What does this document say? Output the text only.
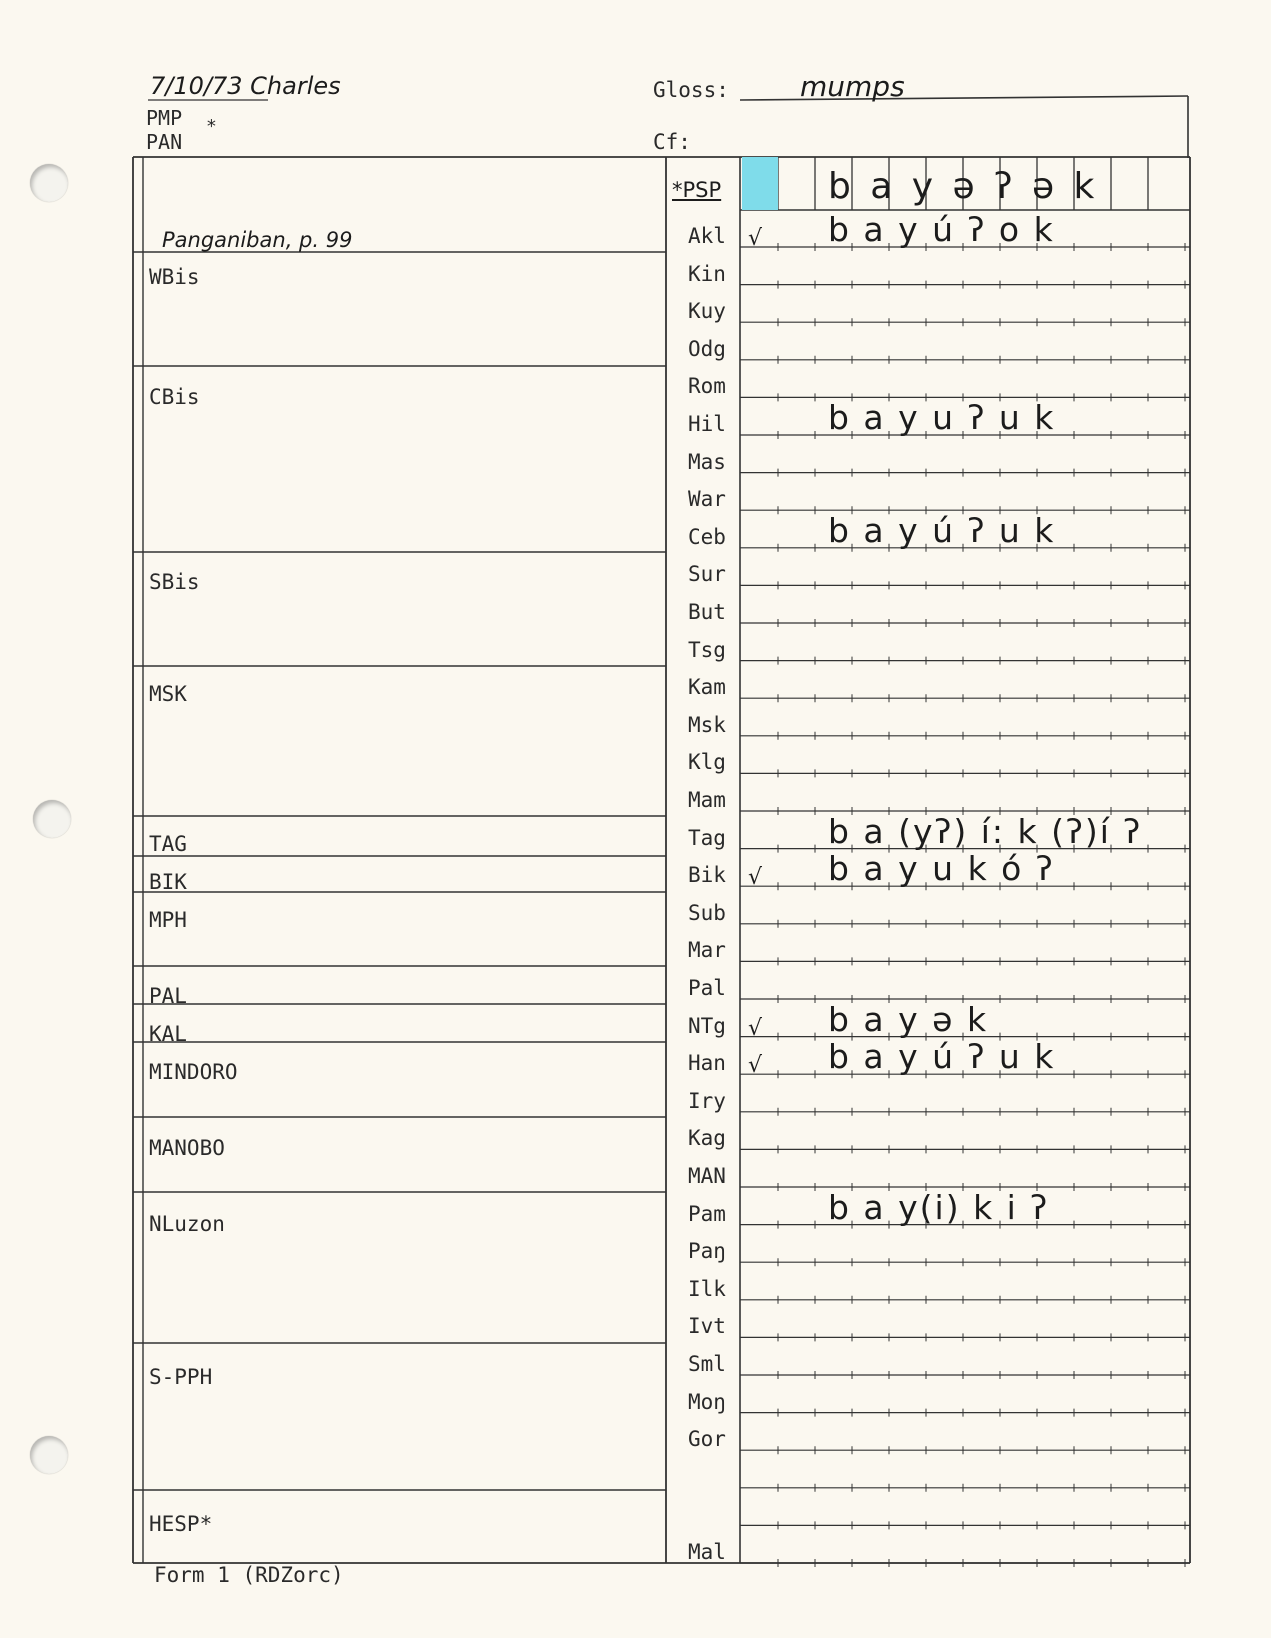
7/10/73 Charles
PMP *
PAN
Gloss:	mumps
Cf:
Panganiban, p. 99
WBis
CBis
SBis
MSK
TAG
BIK
MPH
PAL
KAL
MINDORO
MANOBO
NLuzon
S-PPH
HESP*
*PSP	b a y ə ʔ ə k
Akl √ b a y ú ʔ o k
Kin
Kuy
Odg
Rom
Hil	b a y u ʔ u k
Mas
War
Ceb	b a y ú ʔ u k
Sur
But
Tsg
Kam
Msk
Klg
Mam
Tag	b a (yʔ) í: k (ʔ)í ʔ
Bik √ b a y u k ó ʔ
Sub
Mar
Pal
NTg √ b a y ə k
Han √ b a y ú ʔ u k
Iry
Kag
MAN
Pam	b a y(i) k i ʔ
Paŋ
Ilk
Ivt
Sml
Moŋ
Gor
Mal
Form 1 (RDZorc)
